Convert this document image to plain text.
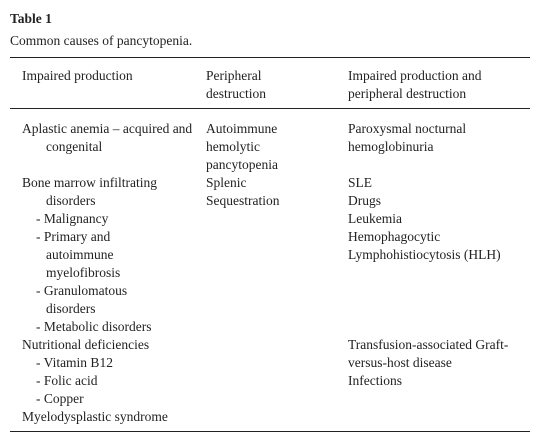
Table 1
Common causes of pancytopenia.
Impaired production	Peripheral destruction
Impaired production and peripheral destruction
Aplastic anemia – acquired and congenital
Bone marrow infiltrating disorders
- Malignancy
- Primary and autoimmune myelofibrosis
- Granulomatous disorders
- Metabolic disorders
Nutritional deficiencies
- Vitamin B12
- Folic acid
- Copper
Myelodysplastic syndrome
Autoimmune hemolytic pancytopenia
Splenic Sequestration
Paroxysmal nocturnal hemoglobinuria
SLE
Drugs
Leukemia
Hemophagocytic
Lymphohistiocytosis (HLH)
Transfusion-associated Graft-versus-host disease
Infections
